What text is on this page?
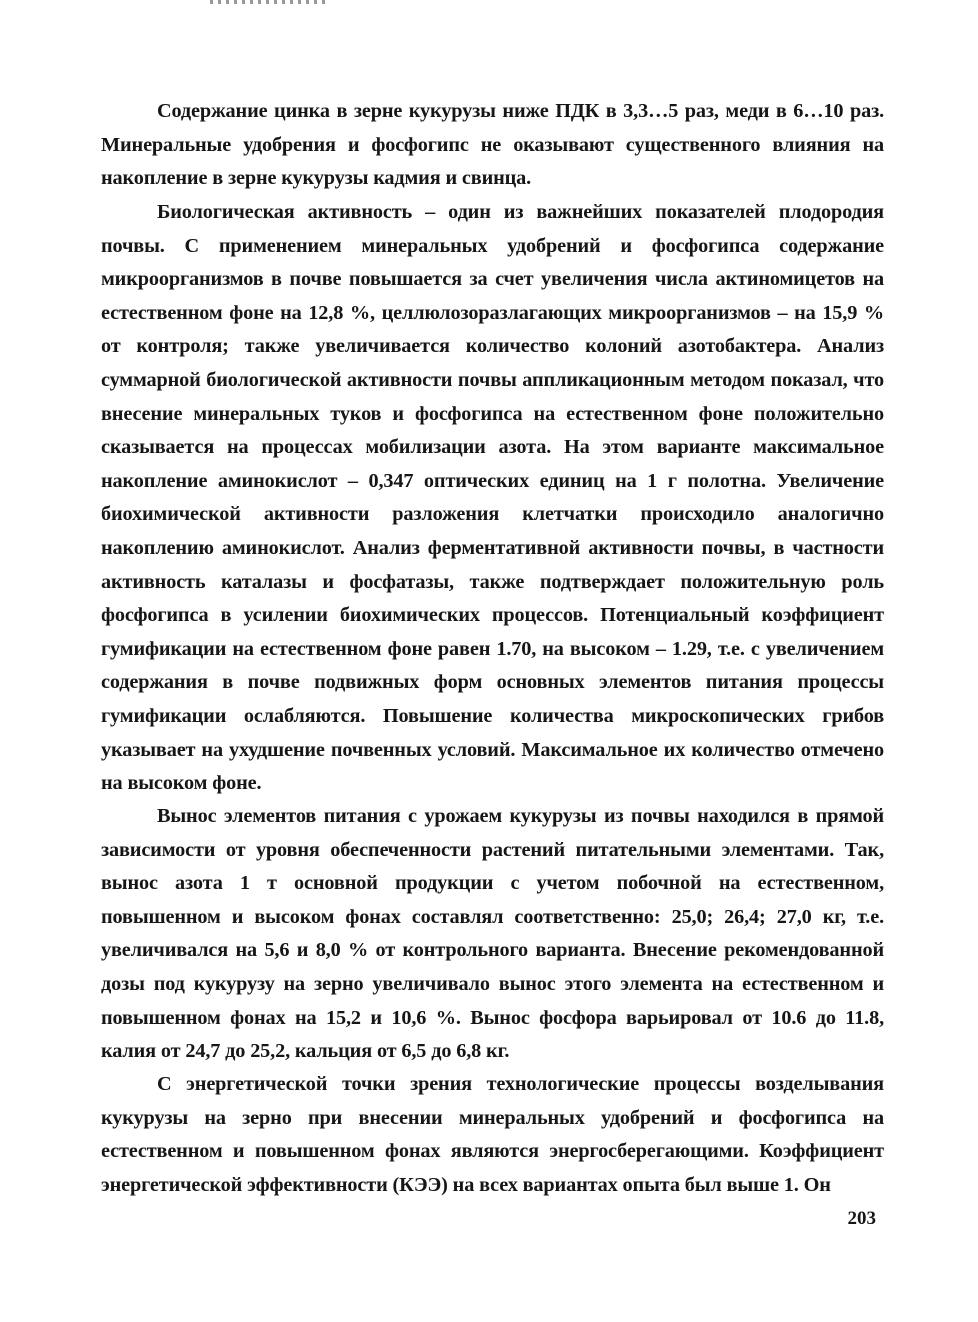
Содержание цинка в зерне кукурузы ниже ПДК в 3,3…5 раз, меди в 6…10 раз. Минеральные удобрения и фосфогипс не оказывают существенного влияния на накопление в зерне кукурузы кадмия и свинца.

Биологическая активность – один из важнейших показателей плодородия почвы. С применением минеральных удобрений и фосфогипса содержание микроорганизмов в почве повышается за счет увеличения числа актиномицетов на естественном фоне на 12,8 %, целлюлозоразлагающих микроорганизмов – на 15,9 % от контроля; также увеличивается количество колоний азотобактера. Анализ суммарной биологической активности почвы аппликационным методом показал, что внесение минеральных туков и фосфогипса на естественном фоне положительно сказывается на процессах мобилизации азота. На этом варианте максимальное накопление аминокислот – 0,347 оптических единиц на 1 г полотна. Увеличение биохимической активности разложения клетчатки происходило аналогично накоплению аминокислот. Анализ ферментативной активности почвы, в частности активность каталазы и фосфатазы, также подтверждает положительную роль фосфогипса в усилении биохимических процессов. Потенциальный коэффициент гумификации на естественном фоне равен 1.70, на высоком – 1.29, т.е. с увеличением содержания в почве подвижных форм основных элементов питания процессы гумификации ослабляются. Повышение количества микроскопических грибов указывает на ухудшение почвенных условий. Максимальное их количество отмечено на высоком фоне.

Вынос элементов питания с урожаем кукурузы из почвы находился в прямой зависимости от уровня обеспеченности растений питательными элементами. Так, вынос азота 1 т основной продукции с учетом побочной на естественном, повышенном и высоком фонах составлял соответственно: 25,0; 26,4; 27,0 кг, т.е. увеличивался на 5,6 и 8,0 % от контрольного варианта. Внесение рекомендованной дозы под кукурузу на зерно увеличивало вынос этого элемента на естественном и повышенном фонах на 15,2 и 10,6 %. Вынос фосфора варьировал от 10.6 до 11.8, калия от 24,7 до 25,2, кальция от 6,5 до 6,8 кг.

С энергетической точки зрения технологические процессы возделывания кукурузы на зерно при внесении минеральных удобрений и фосфогипса на естественном и повышенном фонах являются энергосберегающими. Коэффициент энергетической эффективности (КЭЭ) на всех вариантах опыта был выше 1. Он

203
